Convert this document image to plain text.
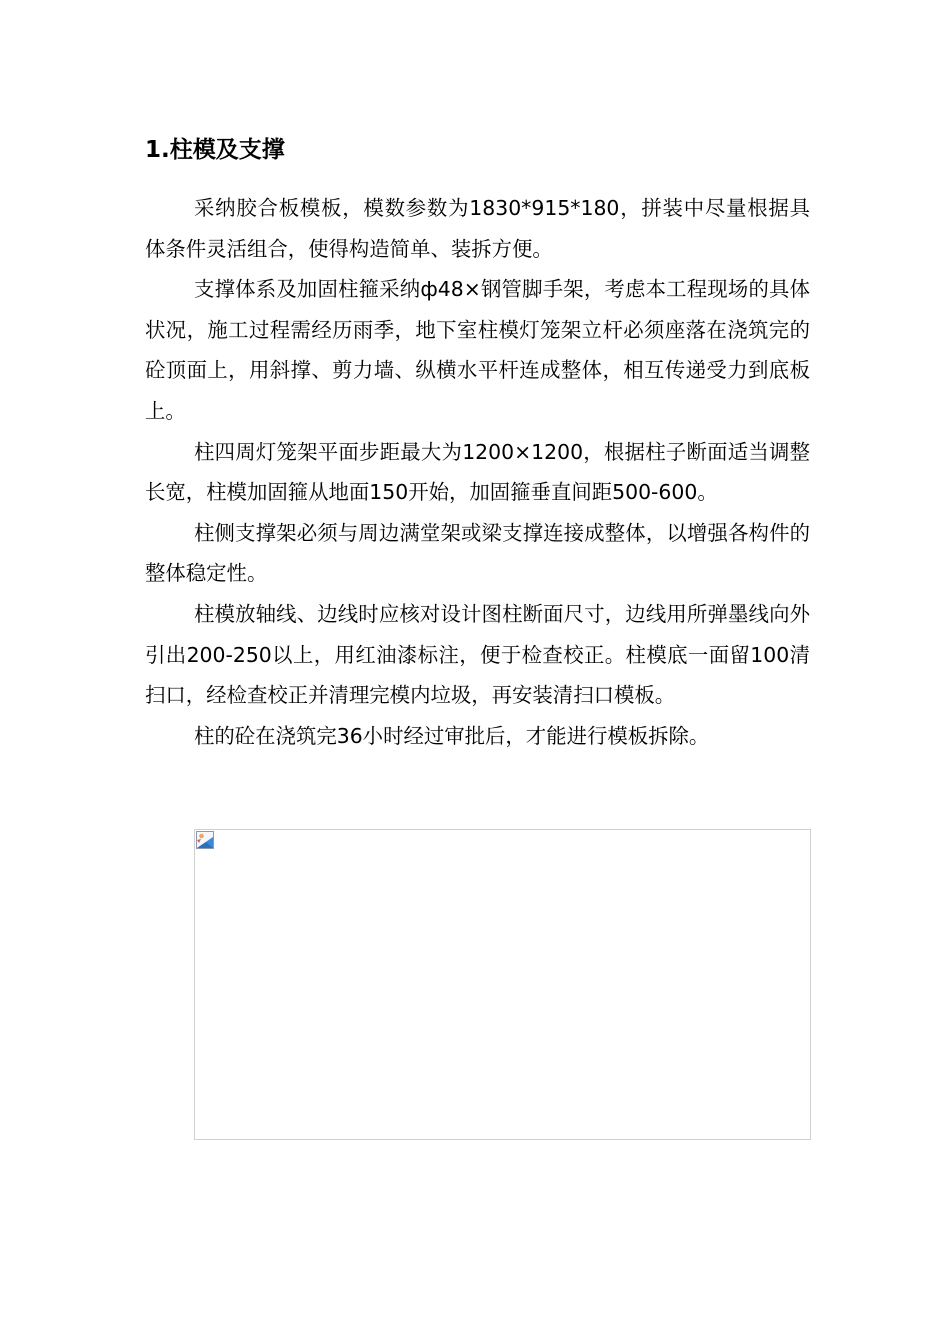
1.柱模及支撑

采纳胶合板模板，模数参数为1830*915*180，拼装中尽量根据具体条件灵活组合，使得构造简单、装拆方便。

支撑体系及加固柱箍采纳ф48×钢管脚手架，考虑本工程现场的具体状况，施工过程需经历雨季，地下室柱模灯笼架立杆必须座落在浇筑完的砼顶面上，用斜撑、剪力墙、纵横水平杆连成整体，相互传递受力到底板上。

柱四周灯笼架平面步距最大为1200×1200，根据柱子断面适当调整长宽，柱模加固箍从地面150开始，加固箍垂直间距500-600。

柱侧支撑架必须与周边满堂架或梁支撑连接成整体，以增强各构件的整体稳定性。

柱模放轴线、边线时应核对设计图柱断面尺寸，边线用所弹墨线向外引出200-250以上，用红油漆标注，便于检查校正。柱模底一面留100清扫口，经检查校正并清理完模内垃圾，再安装清扫口模板。

柱的砼在浇筑完36小时经过审批后，才能进行模板拆除。
